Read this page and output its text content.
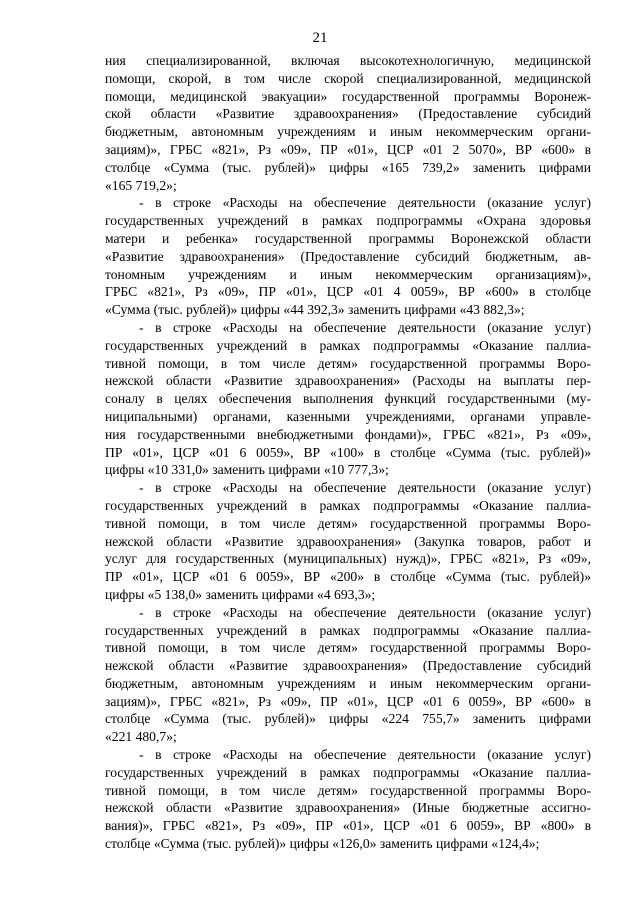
21
ния специализированной, включая высокотехнологичную, медицинской
помощи, скорой, в том числе скорой специализированной, медицинской
помощи, медицинской эвакуации» государственной программы Воронеж-
ской области «Развитие здравоохранения» (Предоставление субсидий
бюджетным, автономным учреждениям и иным некоммерческим органи-
зациям)», ГРБС «821», Рз «09», ПР «01», ЦСР «01 2 5070», ВР «600» в
столбце «Сумма (тыс. рублей)» цифры «165 739,2» заменить цифрами
«165 719,2»;
- в строке «Расходы на обеспечение деятельности (оказание услуг)
государственных учреждений в рамках подпрограммы «Охрана здоровья
матери и ребенка» государственной программы Воронежской области
«Развитие здравоохранения» (Предоставление субсидий бюджетным, ав-
тономным учреждениям и иным некоммерческим организациям)»,
ГРБС «821», Рз «09», ПР «01», ЦСР «01 4 0059», ВР «600» в столбце
«Сумма (тыс. рублей)» цифры «44 392,3» заменить цифрами «43 882,3»;
- в строке «Расходы на обеспечение деятельности (оказание услуг)
государственных учреждений в рамках подпрограммы «Оказание паллиа-
тивной помощи, в том числе детям» государственной программы Воро-
нежской области «Развитие здравоохранения» (Расходы на выплаты пер-
соналу в целях обеспечения выполнения функций государственными (му-
ниципальными) органами, казенными учреждениями, органами управле-
ния государственными внебюджетными фондами)», ГРБС «821», Рз «09»,
ПР «01», ЦСР «01 6 0059», ВР «100» в столбце «Сумма (тыс. рублей)»
цифры «10 331,0» заменить цифрами «10 777,3»;
- в строке «Расходы на обеспечение деятельности (оказание услуг)
государственных учреждений в рамках подпрограммы «Оказание паллиа-
тивной помощи, в том числе детям» государственной программы Воро-
нежской области «Развитие здравоохранения» (Закупка товаров, работ и
услуг для государственных (муниципальных) нужд)», ГРБС «821», Рз «09»,
ПР «01», ЦСР «01 6 0059», ВР «200» в столбце «Сумма (тыс. рублей)»
цифры «5 138,0» заменить цифрами «4 693,3»;
- в строке «Расходы на обеспечение деятельности (оказание услуг)
государственных учреждений в рамках подпрограммы «Оказание паллиа-
тивной помощи, в том числе детям» государственной программы Воро-
нежской области «Развитие здравоохранения» (Предоставление субсидий
бюджетным, автономным учреждениям и иным некоммерческим органи-
зациям)», ГРБС «821», Рз «09», ПР «01», ЦСР «01 6 0059», ВР «600» в
столбце «Сумма (тыс. рублей)» цифры «224 755,7» заменить цифрами
«221 480,7»;
- в строке «Расходы на обеспечение деятельности (оказание услуг)
государственных учреждений в рамках подпрограммы «Оказание паллиа-
тивной помощи, в том числе детям» государственной программы Воро-
нежской области «Развитие здравоохранения» (Иные бюджетные ассигно-
вания)», ГРБС «821», Рз «09», ПР «01», ЦСР «01 6 0059», ВР «800» в
столбце «Сумма (тыс. рублей)» цифры «126,0» заменить цифрами «124,4»;
